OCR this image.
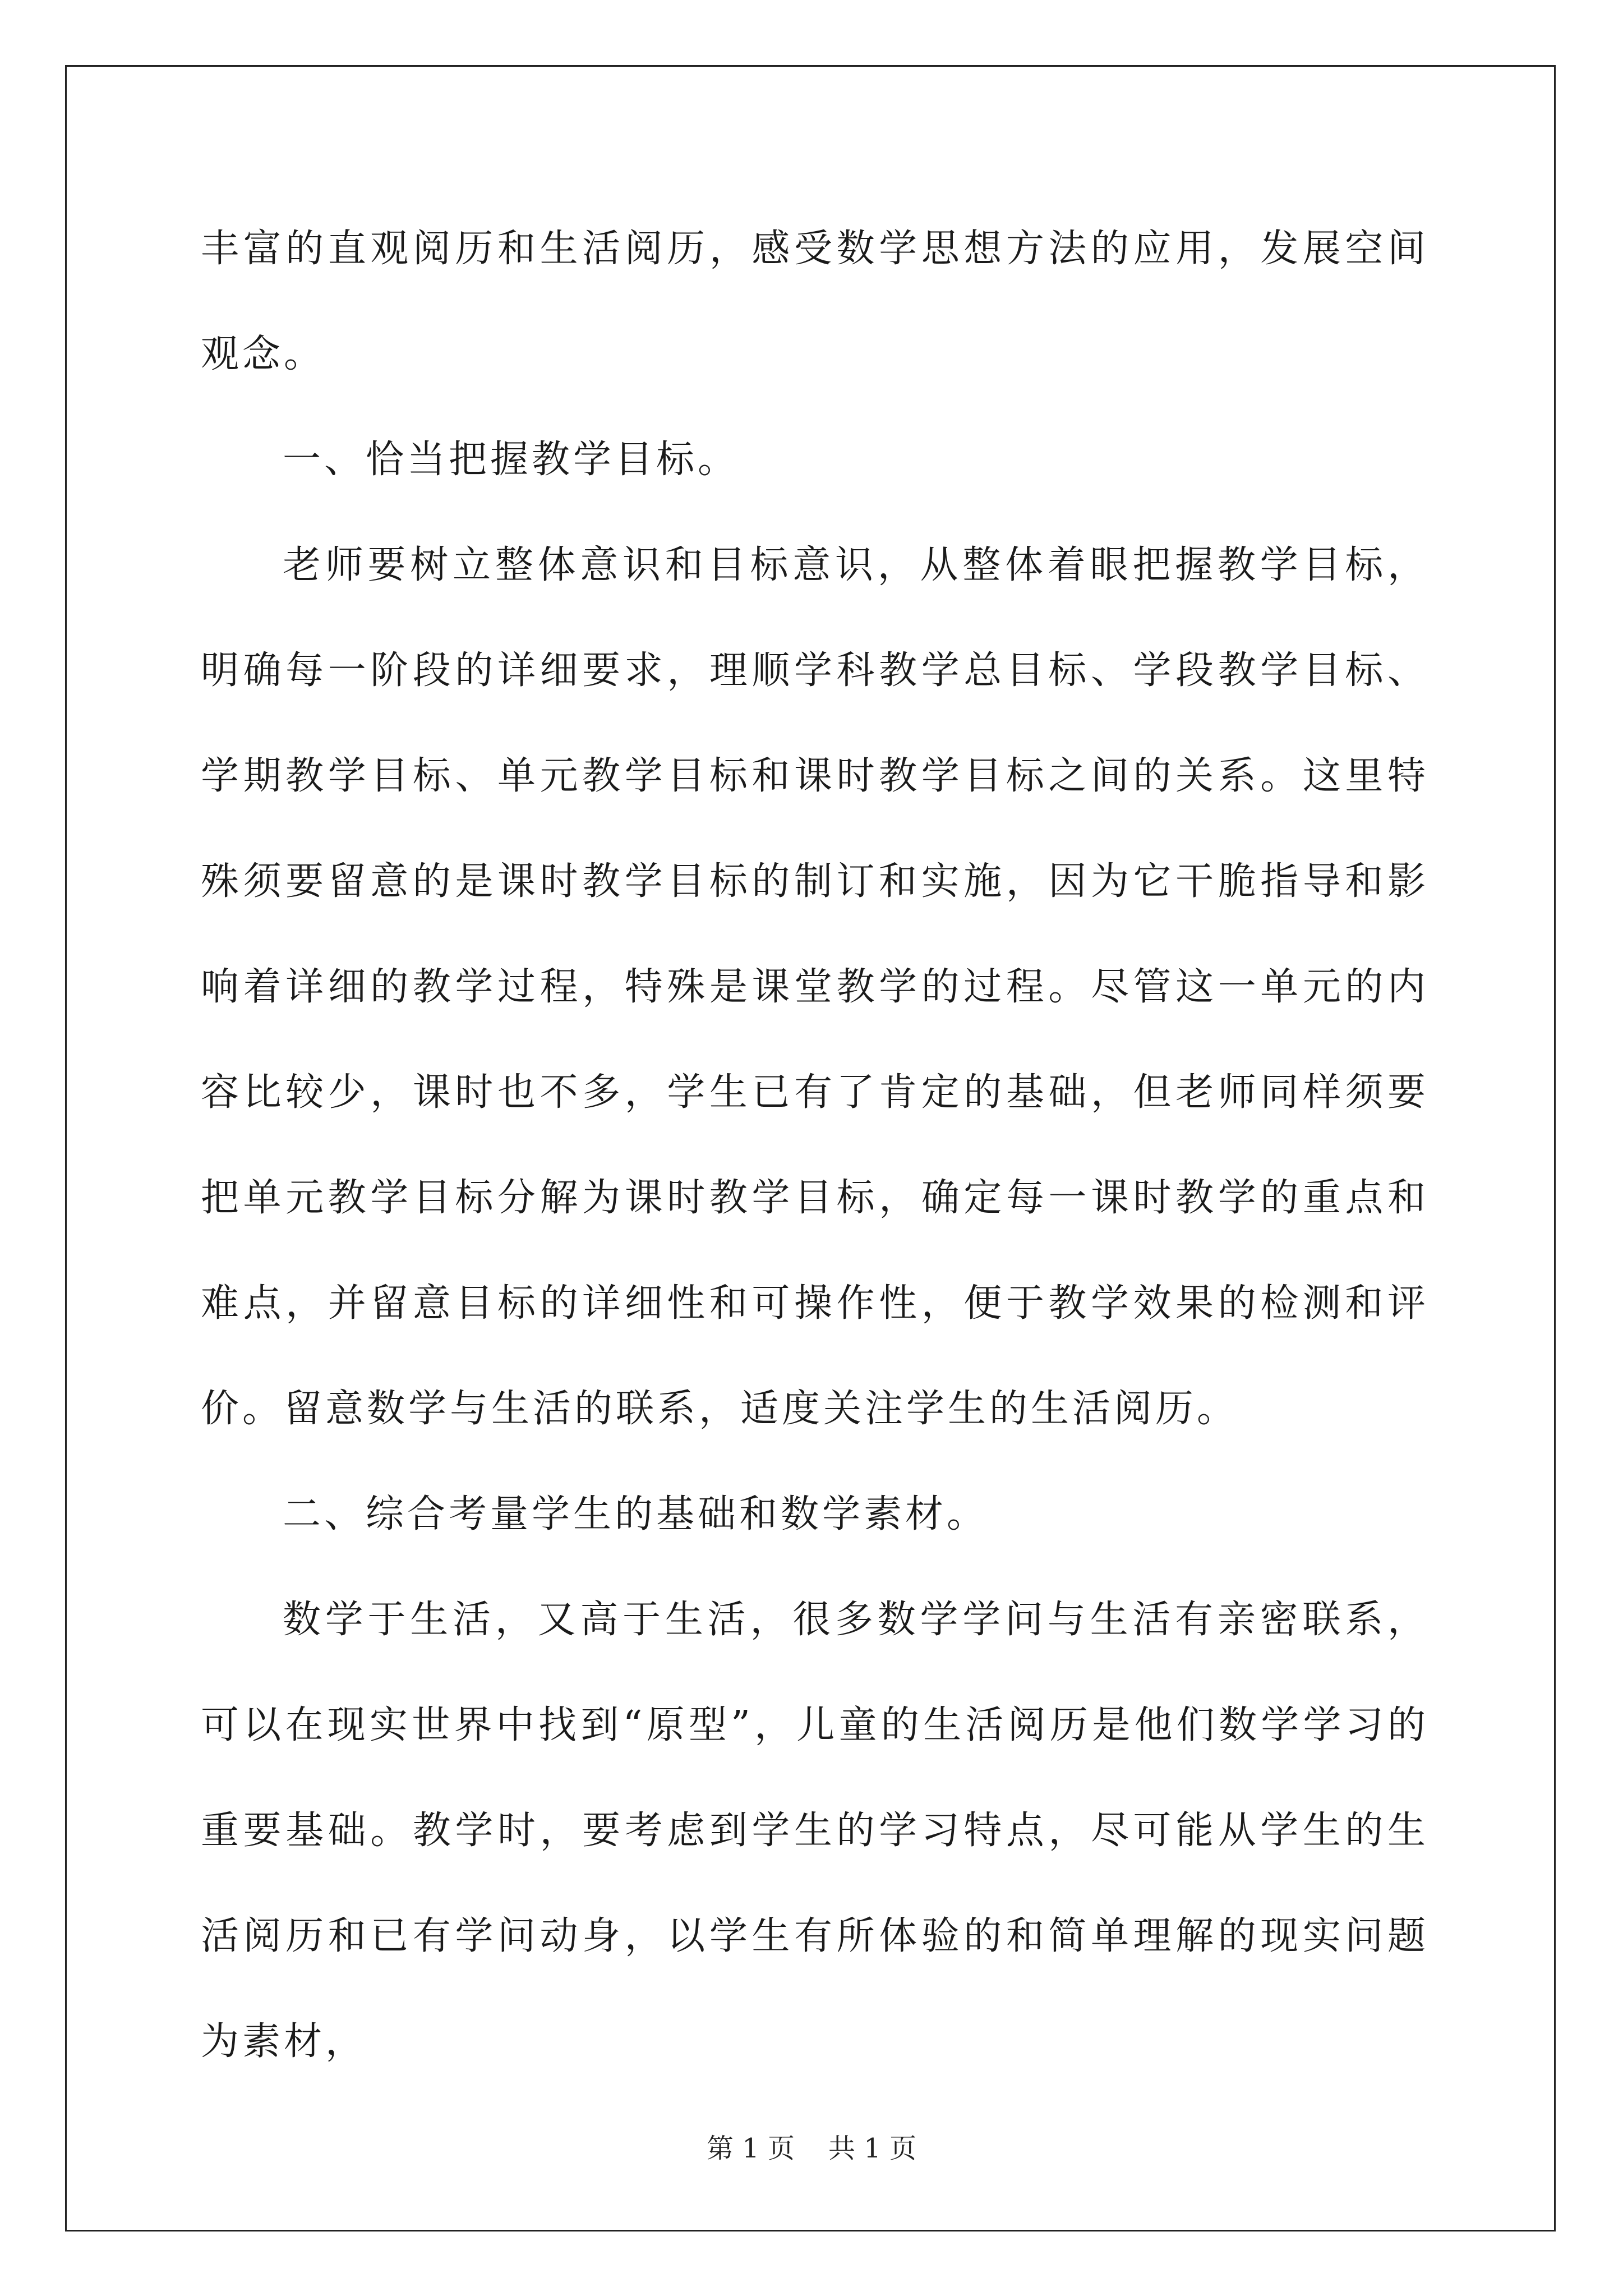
丰富的直观阅历和生活阅历，感受数学思想方法的应用，发展空间观念。

一、恰当把握教学目标。

老师要树立整体意识和目标意识，从整体着眼把握教学目标，明确每一阶段的详细要求，理顺学科教学总目标、学段教学目标、学期教学目标、单元教学目标和课时教学目标之间的关系。这里特殊须要留意的是课时教学目标的制订和实施，因为它干脆指导和影响着详细的教学过程，特殊是课堂教学的过程。尽管这一单元的内容比较少，课时也不多，学生已有了肯定的基础，但老师同样须要把单元教学目标分解为课时教学目标，确定每一课时教学的重点和难点，并留意目标的详细性和可操作性，便于教学效果的检测和评价。留意数学与生活的联系，适度关注学生的生活阅历。

二、综合考量学生的基础和数学素材。

数学于生活，又高于生活，很多数学学问与生活有亲密联系，可以在现实世界中找到“原型”，儿童的生活阅历是他们数学学习的重要基础。教学时，要考虑到学生的学习特点，尽可能从学生的生活阅历和已有学问动身，以学生有所体验的和简单理解的现实问题为素材，

第 1 页 共 1 页
